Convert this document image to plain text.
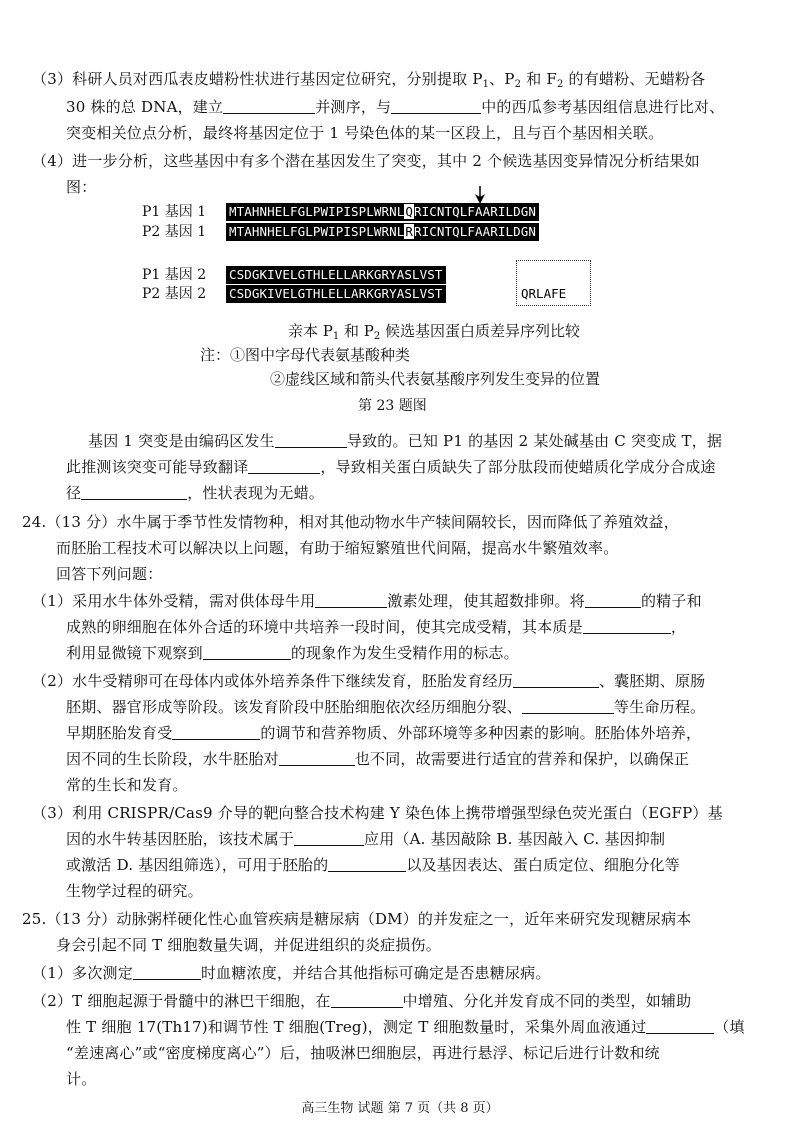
（3）科研人员对西瓜表皮蜡粉性状进行基因定位研究，分别提取 $P_1$、$P_2$ 和 $F_2$ 的有蜡粉、无蜡粉各
30 株的总 DNA，建立	并测序，与	中的西瓜参考基因组信息进行比对、
突变相关位点分析，最终将基因定位于 1 号染色体的某一区段上，且与百个基因相关联。
（4）进一步分析，这些基因中有多个潜在基因发生了突变，其中 2 个候选基因变异情况分析结果如
图：
P1 基因 1 MTAHNHELFGLPWIPISPLWRNLQRICNTQLFAARILDGN
P2 基因 1 MTAHNHELFGLPWIPISPLWRNLRRICNTQLFAARILDGN
P1 基因 2 CSDGKIVELGTHLELLARKGRYASLVST
P2 基因 2 CSDGKIVELGTHLELLARKGRYASLVST	QRLAFE
亲本 $P_1$ 和 $P_2$ 候选基因蛋白质差异序列比较
注：①图中字母代表氨基酸种类
②虚线区域和箭头代表氨基酸序列发生变异的位置
第 23 题图
基因 1 突变是由编码区发生	导致的。已知 P1 的基因 2 某处碱基由 C 突变成 T，据
此推测该突变可能导致翻译	，导致相关蛋白质缺失了部分肽段而使蜡质化学成分合成途
径	，性状表现为无蜡。
24.（13 分）水牛属于季节性发情物种，相对其他动物水牛产犊间隔较长，因而降低了养殖效益，
而胚胎工程技术可以解决以上问题，有助于缩短繁殖世代间隔，提高水牛繁殖效率。
回答下列问题：
（1）采用水牛体外受精，需对供体母牛用	激素处理，使其超数排卵。将	的精子和
成熟的卵细胞在体外合适的环境中共培养一段时间，使其完成受精，其本质是	，
利用显微镜下观察到	的现象作为发生受精作用的标志。
（2）水牛受精卵可在母体内或体外培养条件下继续发育，胚胎发育经历	、囊胚期、原肠
胚期、器官形成等阶段。该发育阶段中胚胎细胞依次经历细胞分裂、	等生命历程。
早期胚胎发育受	的调节和营养物质、外部环境等多种因素的影响。胚胎体外培养，
因不同的生长阶段，水牛胚胎对	也不同，故需要进行适宜的营养和保护，以确保正
常的生长和发育。
（3）利用 CRISPR/Cas9 介导的靶向整合技术构建 Y 染色体上携带增强型绿色荧光蛋白（EGFP）基
因的水牛转基因胚胎，该技术属于	应用（A. 基因敲除 B. 基因敲入 C. 基因抑制
或激活 D. 基因组筛选），可用于胚胎的	以及基因表达、蛋白质定位、细胞分化等
生物学过程的研究。
25.（13 分）动脉粥样硬化性心血管疾病是糖尿病（DM）的并发症之一，近年来研究发现糖尿病本
身会引起不同 T 细胞数量失调，并促进组织的炎症损伤。
（1）多次测定	时血糖浓度，并结合其他指标可确定是否患糖尿病。
（2）T 细胞起源于骨髓中的淋巴干细胞，在	中增殖、分化并发育成不同的类型，如辅助
性 T 细胞 17(Th17)和调节性 T 细胞(Treg)，测定 T 细胞数量时，采集外周血液通过	（填
“差速离心”或“密度梯度离心”）后，抽吸淋巴细胞层，再进行悬浮、标记后进行计数和统
计。
高三生物 试题 第 7 页（共 8 页）
